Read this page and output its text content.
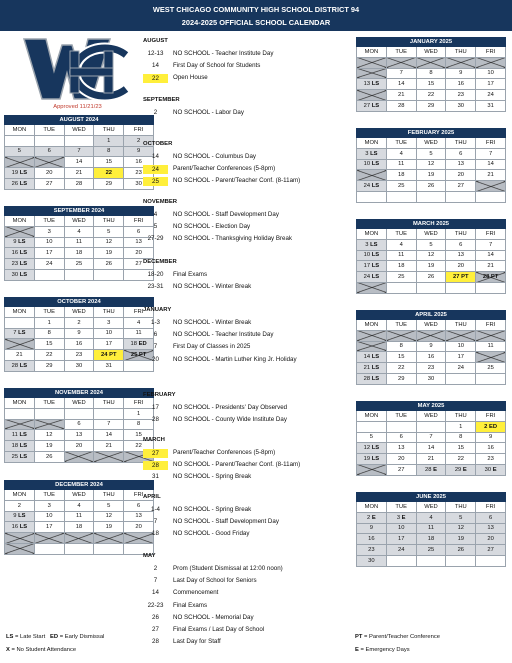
WEST CHICAGO COMMUNITY HIGH SCHOOL DISTRICT 94
2024-2025 OFFICIAL SCHOOL CALENDAR
Approved 11/21/23
AUGUST 2024				
MON	TUE	WED	THU	FRI
			1	2
5	6	7	8	9
		14	15	16
19 LS	20	21	22	23
26 LS	27	28	29	30
SEPTEMBER 2024				
MON	TUE	WED	THU	FRI
	3	4	5	6
9 LS	10	11	12	13
16 LS	17	18	19	20
23 LS	24	25	26	27
30 LS				
OCTOBER 2024				
MON	TUE	WED	THU	FRI
	1	2	3	4
7 LS	8	9	10	11
	15	16	17	18 ED
21	22	23	24 PT	25 PT
28 LS	29	30	31	
NOVEMBER 2024				
MON	TUE	WED	THU	FRI
				1
		6	7	8
11 LS	12	13	14	15
18 LS	19	20	21	22
25 LS	26			
DECEMBER 2024				
MON	TUE	WED	THU	FRI
2	3	4	5	6
9 LS	10	11	12	13
16 LS	17	18	19	20

JANUARY 2025				
MON	TUE	WED	THU	FRI

	7	8	9	10
13 LS	14	15	16	17
	21	22	23	24
27 LS	28	29	30	31
FEBRUARY 2025				
MON	TUE	WED	THU	FRI
3 LS	4	5	6	7
10 LS	11	12	13	14
	18	19	20	21
24 LS	25	26	27	

MARCH 2025				
MON	TUE	WED	THU	FRI
3 LS	4	5	6	7
10 LS	11	12	13	14
17 LS	18	19	20	21
24 LS	25	26	27 PT	28 PT

APRIL 2025				
MON	TUE	WED	THU	FRI

	8	9	10	11
14 LS	15	16	17	
21 LS	22	23	24	25
28 LS	29	30		
MAY 2025				
MON	TUE	WED	THU	FRI
			1	2 ED
5	6	7	8	9
12 LS	13	14	15	16
19 LS	20	21	22	23
	27	28 E	29 E	30 E
JUNE 2025				
MON	TUE	WED	THU	FRI
2 E	3 E	4	5	6
9	10	11	12	13
16	17	18	19	20
23	24	25	26	27
30				
AUGUST
12-13	NO SCHOOL - Teacher Institute Day
14	First Day of School for Students
22	Open House
SEPTEMBER
2	NO SCHOOL - Labor Day
OCTOBER
14	NO SCHOOL - Columbus Day
24	Parent/Teacher Conferences (5-8pm)
25	NO SCHOOL - Parent/Teacher Conf. (8-11am)
NOVEMBER
4	NO SCHOOL - Staff Development Day
5	NO SCHOOL - Election Day
27-29	NO SCHOOL - Thanksgiving Holiday Break
DECEMBER
18-20	Final Exams
23-31	NO SCHOOL - Winter Break
JANUARY
1-3	NO SCHOOL - Winter Break
6	NO SCHOOL - Teacher Institute Day
7	First Day of Classes in 2025
20	NO SCHOOL - Martin Luther King Jr. Holiday
FEBRUARY
17	NO SCHOOL - Presidents' Day Observed
28	NO SCHOOL - County Wide Institute Day
MARCH
27	Parent/Teacher Conferences (5-8pm)
28	NO SCHOOL - Parent/Teacher Conf. (8-11am)
31	NO SCHOOL - Spring Break
APRIL
1-4	NO SCHOOL - Spring Break
7	NO SCHOOL - Staff Development Day
18	NO SCHOOL - Good Friday
MAY
2	Prom (Student Dismissal at 12:00 noon)
7	Last Day of School for Seniors
14	Commencement
22-23	Final Exams
26	NO SCHOOL - Memorial Day
27	Final Exams / Last Day of School
28	Last Day for Staff
LS = Late Start ED = Early Dismissal
X = No Student Attendance
PT = Parent/Teacher Conference
E = Emergency Days
